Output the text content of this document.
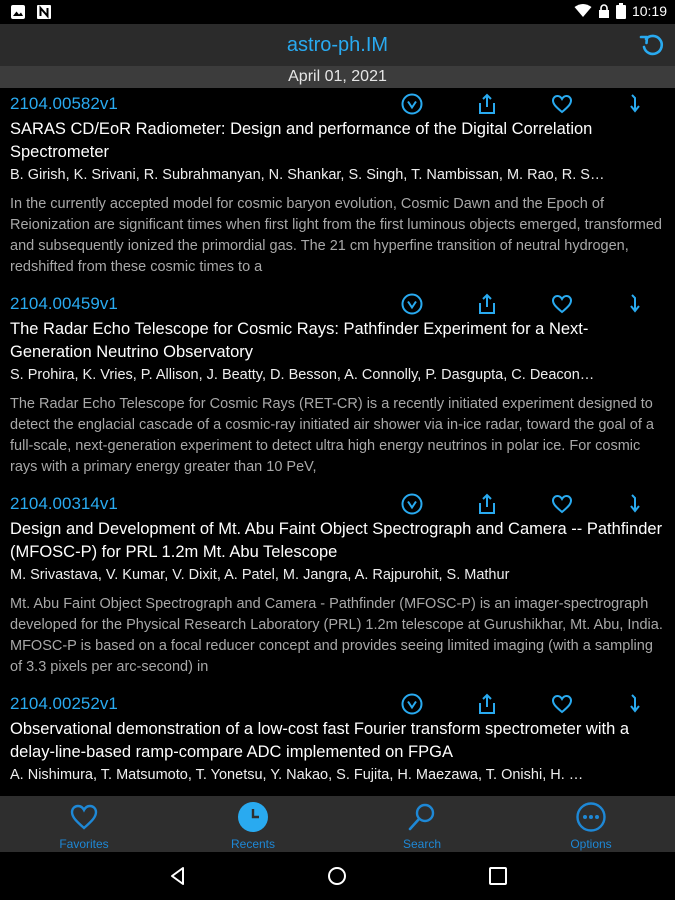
10:19
astro-ph.IM
April 01, 2021
2104.00582v1
SARAS CD/EoR Radiometer: Design and performance of the Digital Correlation Spectrometer
B. Girish, K. Srivani, R. Subrahmanyan, N. Shankar, S. Singh, T. Nambissan, M. Rao, R. S…
In the currently accepted model for cosmic baryon evolution, Cosmic Dawn and the Epoch of Reionization are significant times when first light from the first luminous objects emerged, transformed and subsequently ionized the primordial gas. The 21 cm hyperfine transition of neutral hydrogen, redshifted from these cosmic times to a
2104.00459v1
The Radar Echo Telescope for Cosmic Rays: Pathfinder Experiment for a Next-Generation Neutrino Observatory
S. Prohira, K. Vries, P. Allison, J. Beatty, D. Besson, A. Connolly, P. Dasgupta, C. Deacon…
The Radar Echo Telescope for Cosmic Rays (RET-CR) is a recently initiated experiment designed to detect the englacial cascade of a cosmic-ray initiated air shower via in-ice radar, toward the goal of a full-scale, next-generation experiment to detect ultra high energy neutrinos in polar ice. For cosmic rays with a primary energy greater than 10 PeV,
2104.00314v1
Design and Development of Mt. Abu Faint Object Spectrograph and Camera -- Pathfinder (MFOSC-P) for PRL 1.2m Mt. Abu Telescope
M. Srivastava, V. Kumar, V. Dixit, A. Patel, M. Jangra, A. Rajpurohit, S. Mathur
Mt. Abu Faint Object Spectrograph and Camera - Pathfinder (MFOSC-P) is an imager-spectrograph developed for the Physical Research Laboratory (PRL) 1.2m telescope at Gurushikhar, Mt. Abu, India. MFOSC-P is based on a focal reducer concept and provides seeing limited imaging (with a sampling of 3.3 pixels per arc-second) in
2104.00252v1
Observational demonstration of a low-cost fast Fourier transform spectrometer with a delay-line-based ramp-compare ADC implemented on FPGA
A. Nishimura, T. Matsumoto, T. Yonetsu, Y. Nakao, S. Fujita, H. Maezawa, T. Onishi, H. …
Favorites	Recents	Search	Options
